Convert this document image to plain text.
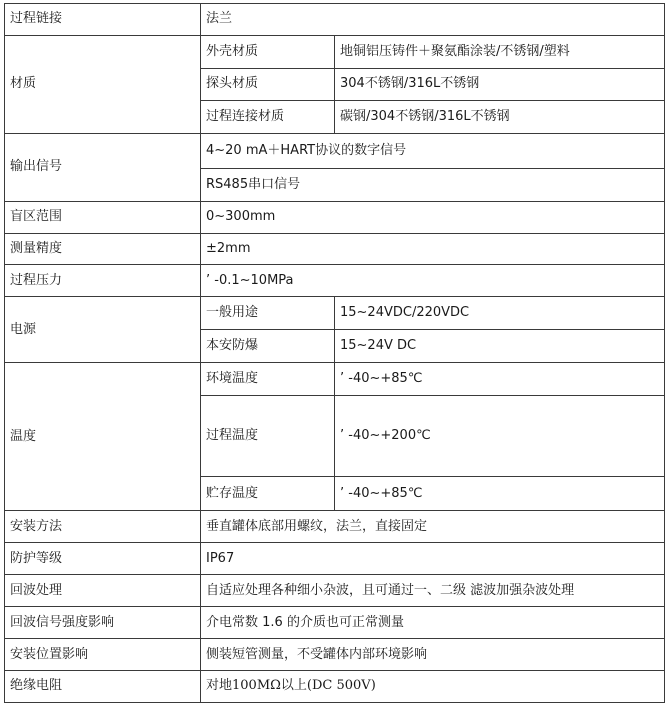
过程链接	法兰	
材质	外壳材质	地铜铝压铸件＋聚氨酯涂装/不锈钢/塑料
	探头材质	304不锈钢/316L不锈钢
	过程连接材质	碳钢/304不锈钢/316L不锈钢
输出信号	4~20 mA＋HART协议的数字信号	
	RS485串口信号	
盲区范围	0~300mm	
测量精度	±2mm	
过程压力	’ -0.1~10MPa	
电源	一般用途	15~24VDC/220VDC
	本安防爆	15~24V DC
温度	环境温度	’ -40~+85℃
	过程温度	’ -40~+200℃
	贮存温度	’ -40~+85℃
安装方法	垂直罐体底部用螺纹，法兰，直接固定	
防护等级	IP67	
回波处理	自适应处理各种细小杂波，且可通过一、二级 滤波加强杂波处理	
回波信号强度影响	介电常数 1.6 的介质也可正常测量	
安装位置影响	侧装短管测量，不受罐体内部环境影响	
绝缘电阻	对地100MΩ以上(DC 500V)	
